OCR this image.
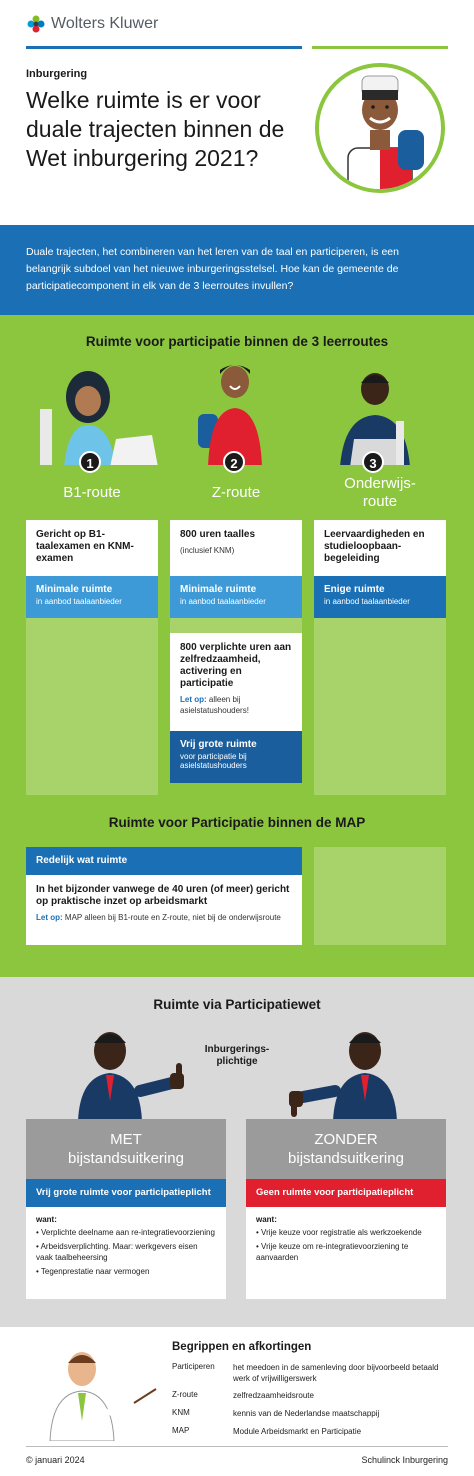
Wolters Kluwer
Inburgering
Welke ruimte is er voor duale trajecten binnen de Wet inburgering 2021?

Duale trajecten, het combineren van het leren van de taal en participeren, is een belangrijk subdoel van het nieuwe inburgeringsstelsel. Hoe kan de gemeente de participatiecomponent in elk van de 3 leerroutes invullen?

Ruimte voor participatie binnen de 3 leerroutes
B1-route	Z-route
Onderwijs-route
1	2	3
Gericht op B1-taalexamen en KNM-examen
Minimale ruimte
in aanbod taalaanbieder
800 uren taalles
(inclusief KNM)
Minimale ruimte
in aanbod taalaanbieder
800 verplichte uren aan zelfredzaamheid, activering en participatie
Let op: alleen bij asielstatushouders!
Vrij grote ruimte
voor participatie bij asielstatushouders
Leervaardigheden en studieloopbaan-begeleiding
Enige ruimte
in aanbod taalaanbieder
Ruimte voor Participatie binnen de MAP
Redelijk wat ruimte
In het bijzonder vanwege de 40 uren (of meer) gericht op praktische inzet op arbeidsmarkt
Let op: MAP alleen bij B1-route en Z-route, niet bij de onderwijsroute
Ruimte via Participatiewet
Inburgerings-plichtige
MET
bijstandsuitkering
Vrij grote ruimte voor participatieplicht
want:
• Verplichte deelname aan re-integratievoorziening
• Arbeidsverplichting. Maar: werkgevers eisen vaak taalbeheersing
• Tegenprestatie naar vermogen
ZONDER
bijstandsuitkering
Geen ruimte voor participatieplicht
want:
• Vrije keuze voor registratie als werkzoekende
• Vrije keuze om re-integratievoorziening te aanvaarden
Begrippen en afkortingen
Participeren het meedoen in de samenleving door bijvoorbeeld betaald werk of vrijwilligerswerk
Z-route	zelfredzaamheidsroute
KNM	kennis van de Nederlandse maatschappij
MAP	Module Arbeidsmarkt en Participatie
© januari 2024	Schulinck Inburgering
